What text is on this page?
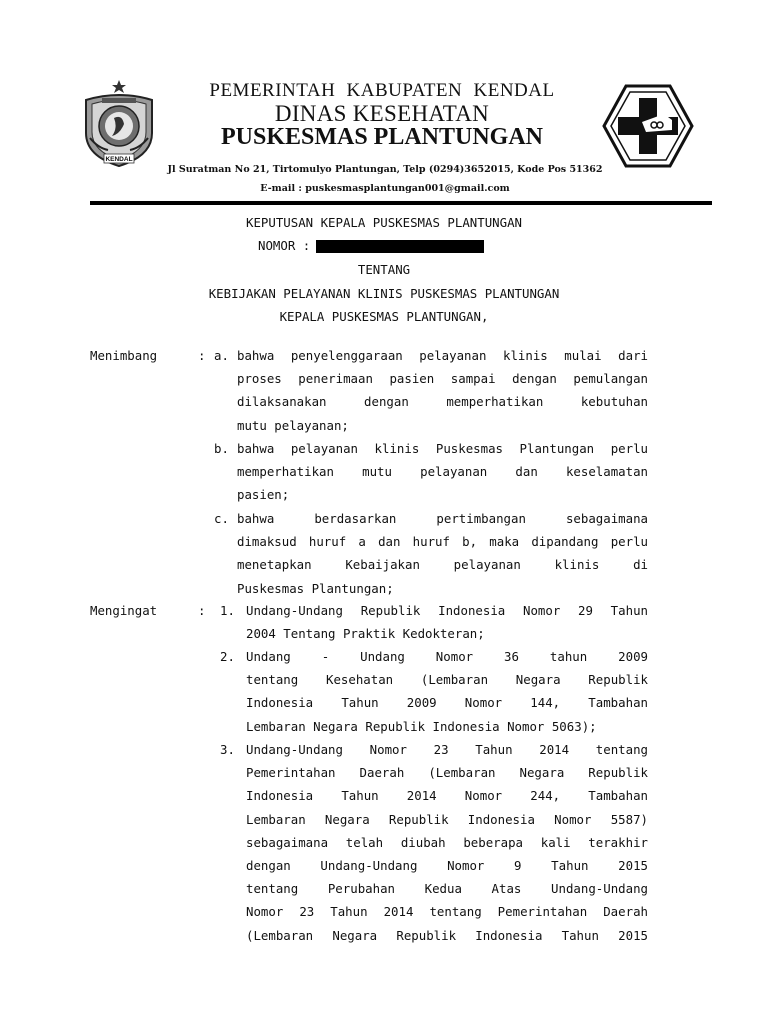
KENDAL
PEMERINTAH KABUPATEN KENDAL
DINAS KESEHATAN
PUSKESMAS PLANTUNGAN
Jl Suratman No 21, Tirtomulyo Plantungan, Telp (0294)3652015, Kode Pos 51362
E-mail : puskesmasplantungan001@gmail.com
KEPUTUSAN KEPALA PUSKESMAS PLANTUNGAN
NOMOR :
TENTANG
KEBIJAKAN PELAYANAN KLINIS PUSKESMAS PLANTUNGAN
KEPALA PUSKESMAS PLANTUNGAN,
Menimbang	: a. bahwa penyelenggaraan pelayanan klinis mulai dari
proses penerimaan pasien sampai dengan pemulangan
dilaksanakan dengan memperhatikan kebutuhan
mutu pelayanan;
b. bahwa pelayanan klinis Puskesmas Plantungan perlu
memperhatikan mutu pelayanan dan keselamatan
pasien;
c. bahwa berdasarkan pertimbangan sebagaimana
dimaksud huruf a dan huruf b, maka dipandang perlu
menetapkan Kebaijakan pelayanan klinis di
Puskesmas Plantungan;
Mengingat	: 1. Undang-Undang Republik Indonesia Nomor 29 Tahun
2004 Tentang Praktik Kedokteran;
2. Undang - Undang Nomor 36 tahun 2009
tentang Kesehatan (Lembaran Negara Republik
Indonesia Tahun 2009 Nomor 144, Tambahan
Lembaran Negara Republik Indonesia Nomor 5063);
3. Undang-Undang Nomor 23 Tahun 2014 tentang
Pemerintahan Daerah (Lembaran Negara Republik
Indonesia Tahun 2014 Nomor 244, Tambahan
Lembaran Negara Republik Indonesia Nomor 5587)
sebagaimana telah diubah beberapa kali terakhir
dengan Undang-Undang Nomor 9 Tahun 2015
tentang Perubahan Kedua Atas Undang-Undang
Nomor 23 Tahun 2014 tentang Pemerintahan Daerah
(Lembaran Negara Republik Indonesia Tahun 2015
